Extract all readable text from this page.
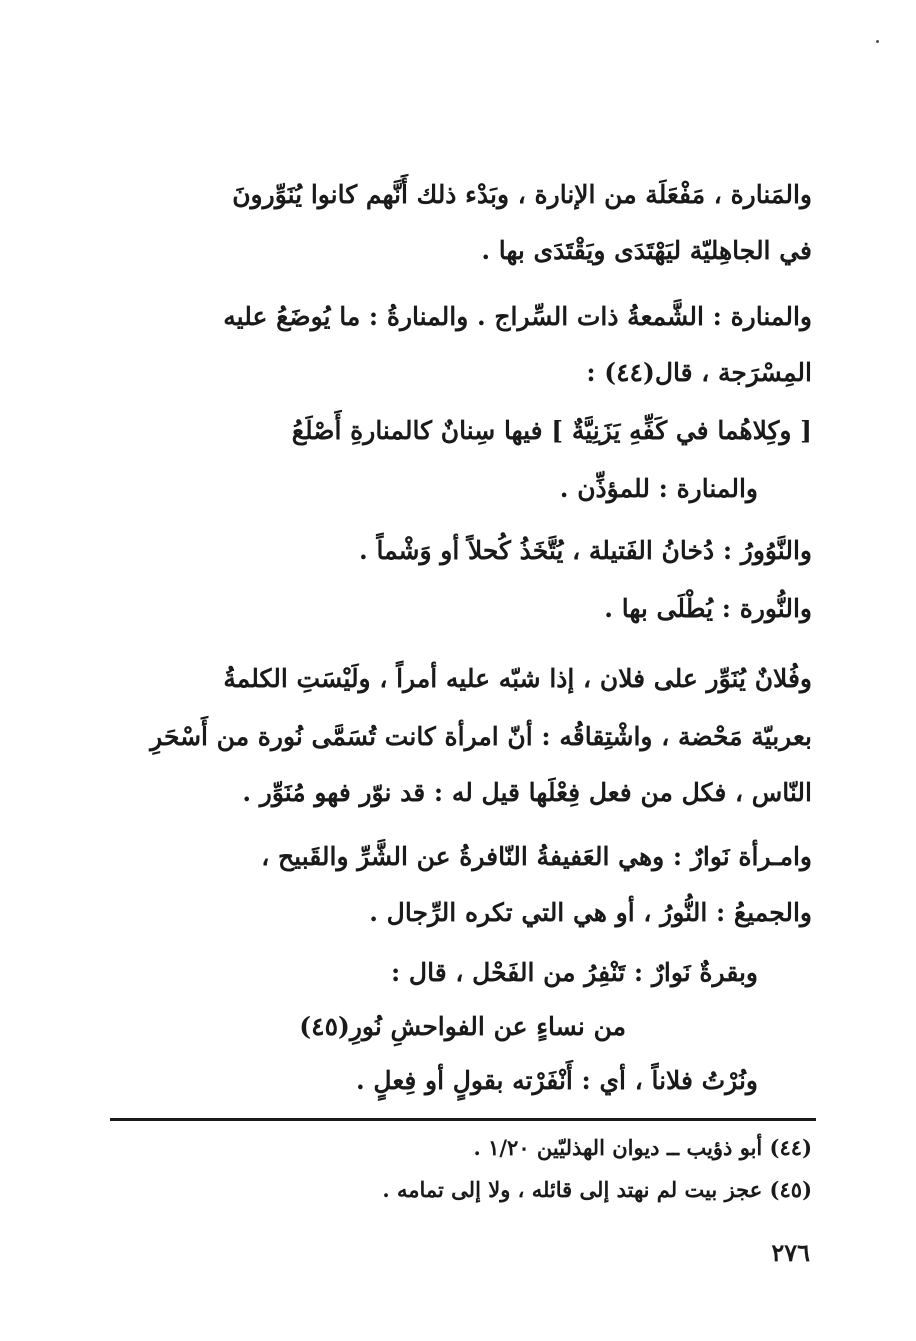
والمَنارة ، مَفْعَلَة من الإنارة ، وبَدْء ذلك أَنَّهم كانوا يُنَوِّرونَ
في الجاهِليّة ليَهْتَدَى ويَقْتَدَى بها .
والمنارة : الشَّمعةُ ذات السِّراج . والمنارةُ : ما يُوضَعُ عليه
المِسْرَجة ، قال(٤٤) :
[ وكِلاهُما في كَفِّهِ يَزَنِيَّةٌ ] فيها سِنانٌ كالمنارةِ أَصْلَعُ
والمنارة : للمؤذِّن .
والنَّوُورُ : دُخانُ الفَتيلة ، يُتَّخَذُ كُحلاً أو وَشْماً .
والنُّورة : يُطْلَى بها .
وفُلانٌ يُنَوِّر على فلان ، إذا شبّه عليه أمراً ، ولَيْسَتِ الكلمةُ
بعربيّة مَحْضة ، واشْتِقاقُه : أنّ امرأة كانت تُسَمَّى نُورة من أَسْحَرِ
النّاس ، فكل من فعل فِعْلَها قيل له : قد نوّر فهو مُنَوِّر .
وامـرأة نَوارٌ : وهي العَفيفةُ النّافرةُ عن الشَّرِّ والقَبيح ،
والجميعُ : النُّورُ ، أو هي التي تكره الرِّجال .
وبقرةٌ نَوارٌ : تَنْفِرُ من الفَحْل ، قال :
من نساءٍ عن الفواحشِ نُورِ(٤٥)
ونُرْتُ فلاناً ، أي : أَنْفَرْته بقولٍ أو فِعلٍ .
(٤٤) أبو ذؤيب ــ ديوان الهذليّين ١/٢٠ .
(٤٥) عجز بيت لم نهتد إلى قائله ، ولا إلى تمامه .
٢٧٦
